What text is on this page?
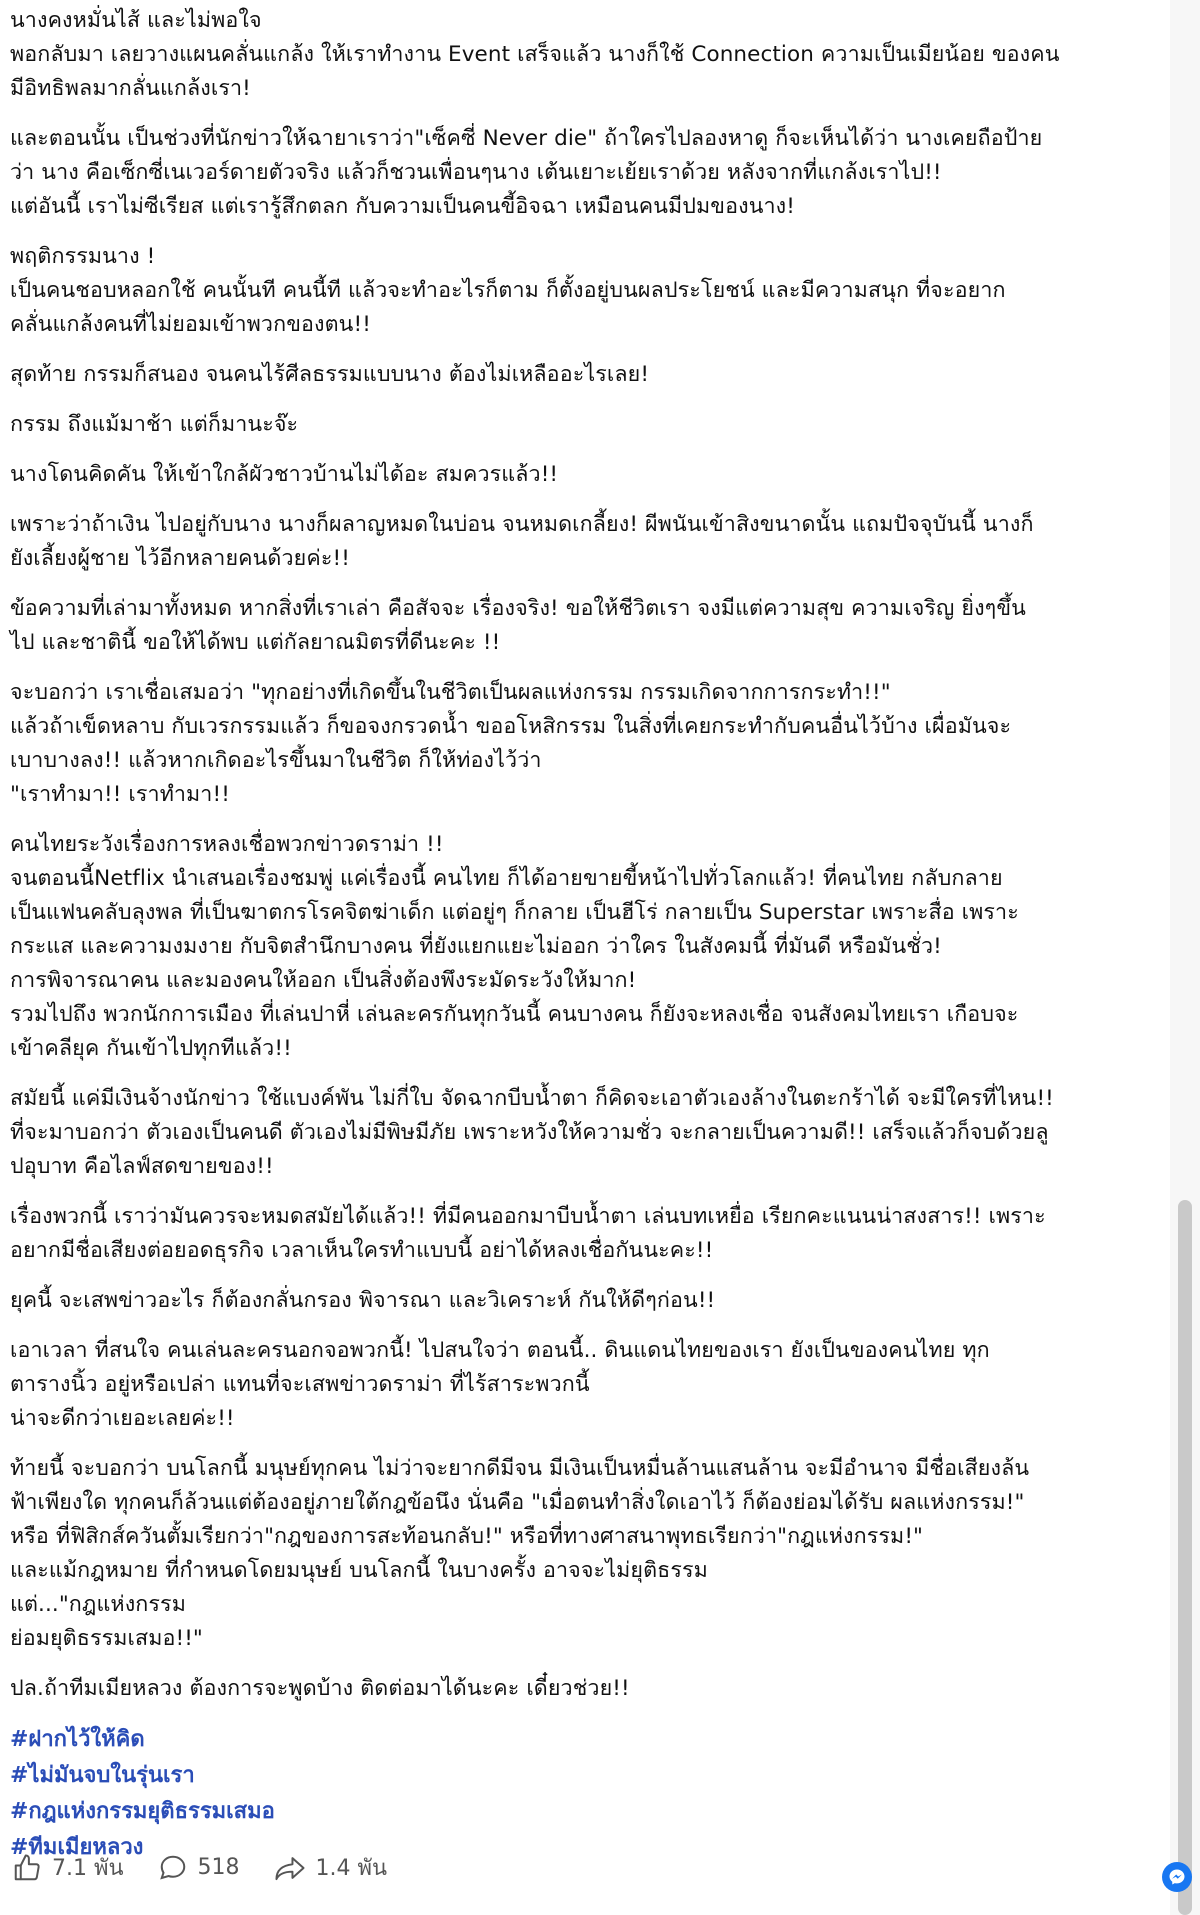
นางคงหมั่นไส้ และไม่พอใจ
พอกลับมา เลยวางแผนคลั่นแกล้ง ให้เราทำงาน Event เสร็จแล้ว นางก็ใช้ Connection ความเป็นเมียน้อย ของคน
มีอิทธิพลมากลั่นแกล้งเรา!
และตอนนั้น เป็นช่วงที่นักข่าวให้ฉายาเราว่า"เซ็คซี่ Never die" ถ้าใครไปลองหาดู ก็จะเห็นได้ว่า นางเคยถือป้าย
ว่า นาง คือเซ็กซี่เนเวอร์ดายตัวจริง แล้วก็ชวนเพื่อนๆนาง เต้นเยาะเย้ยเราด้วย หลังจากที่แกล้งเราไป!!
แต่อันนี้ เราไม่ซีเรียส แต่เรารู้สึกตลก กับความเป็นคนขี้อิจฉา เหมือนคนมีปมของนาง!
พฤติกรรมนาง !
เป็นคนชอบหลอกใช้ คนนั้นที คนนี้ที แล้วจะทำอะไรก็ตาม ก็ตั้งอยู่บนผลประโยชน์ และมีความสนุก ที่จะอยาก
คลั่นแกล้งคนที่ไม่ยอมเข้าพวกของตน!!
สุดท้าย กรรมก็สนอง จนคนไร้ศีลธรรมแบบนาง ต้องไม่เหลืออะไรเลย!
กรรม ถึงแม้มาช้า แต่ก็มานะจ๊ะ
นางโดนคิดคัน ให้เข้าใกล้ผัวชาวบ้านไม่ได้อะ สมควรแล้ว!!
เพราะว่าถ้าเงิน ไปอยู่กับนาง นางก็ผลาญหมดในบ่อน จนหมดเกลี้ยง! ผีพนันเข้าสิงขนาดนั้น แถมปัจจุบันนี้ นางก็
ยังเลี้ยงผู้ชาย ไว้อีกหลายคนด้วยค่ะ!!
ข้อความที่เล่ามาทั้งหมด หากสิ่งที่เราเล่า คือสัจจะ เรื่องจริง! ขอให้ชีวิตเรา จงมีแต่ความสุข ความเจริญ ยิ่งๆขึ้น
ไป และชาตินี้ ขอให้ได้พบ แต่กัลยาณมิตรที่ดีนะคะ !!
จะบอกว่า เราเชื่อเสมอว่า "ทุกอย่างที่เกิดขึ้นในชีวิตเป็นผลแห่งกรรม กรรมเกิดจากการกระทำ!!"
แล้วถ้าเข็ดหลาบ กับเวรกรรมแล้ว ก็ขอจงกรวดน้ำ ขออโหสิกรรม ในสิ่งที่เคยกระทำกับคนอื่นไว้บ้าง เผื่อมันจะ
เบาบางลง!! แล้วหากเกิดอะไรขึ้นมาในชีวิต ก็ให้ท่องไว้ว่า
"เราทำมา!! เราทำมา!!
คนไทยระวังเรื่องการหลงเชื่อพวกข่าวดราม่า !!
จนตอนนี้Netflix นำเสนอเรื่องชมพู่ แค่เรื่องนี้ คนไทย ก็ได้อายขายขี้หน้าไปทั่วโลกแล้ว! ที่คนไทย กลับกลาย
เป็นแฟนคลับลุงพล ที่เป็นฆาตกรโรคจิตฆ่าเด็ก แต่อยู่ๆ ก็กลาย เป็นฮีโร่ กลายเป็น Superstar เพราะสื่อ เพราะ
กระแส และความงมงาย กับจิตสำนึกบางคน ที่ยังแยกแยะไม่ออก ว่าใคร ในสังคมนี้ ที่มันดี หรือมันชั่ว!
การพิจารณาคน และมองคนให้ออก เป็นสิ่งต้องพึงระมัดระวังให้มาก!
รวมไปถึง พวกนักการเมือง ที่เล่นปาหี่ เล่นละครกันทุกวันนี้ คนบางคน ก็ยังจะหลงเชื่อ จนสังคมไทยเรา เกือบจะ
เข้าคลียุค กันเข้าไปทุกทีแล้ว!!
สมัยนี้ แค่มีเงินจ้างนักข่าว ใช้แบงค์พัน ไม่กี่ใบ จัดฉากบีบน้ำตา ก็คิดจะเอาตัวเองล้างในตะกร้าได้ จะมีใครที่ไหน!!
ที่จะมาบอกว่า ตัวเองเป็นคนดี ตัวเองไม่มีพิษมีภัย เพราะหวังให้ความชั่ว จะกลายเป็นความดี!! เสร็จแล้วก็จบด้วยลู
ปอุบาท คือไลฟ์สดขายของ!!
เรื่องพวกนี้ เราว่ามันควรจะหมดสมัยได้แล้ว!! ที่มีคนออกมาบีบน้ำตา เล่นบทเหยื่อ เรียกคะแนนน่าสงสาร!! เพราะ
อยากมีชื่อเสียงต่อยอดธุรกิจ เวลาเห็นใครทำแบบนี้ อย่าได้หลงเชื่อกันนะคะ!!
ยุคนี้ จะเสพข่าวอะไร ก็ต้องกลั่นกรอง พิจารณา และวิเคราะห์ กันให้ดีๆก่อน!!
เอาเวลา ที่สนใจ คนเล่นละครนอกจอพวกนี้! ไปสนใจว่า ตอนนี้.. ดินแดนไทยของเรา ยังเป็นของคนไทย ทุก
ตารางนิ้ว อยู่หรือเปล่า แทนที่จะเสพข่าวดราม่า ที่ไร้สาระพวกนี้
น่าจะดีกว่าเยอะเลยค่ะ!!
ท้ายนี้ จะบอกว่า บนโลกนี้ มนุษย์ทุกคน ไม่ว่าจะยากดีมีจน มีเงินเป็นหมื่นล้านแสนล้าน จะมีอำนาจ มีชื่อเสียงล้น
ฟ้าเพียงใด ทุกคนก็ล้วนแต่ต้องอยู่ภายใต้กฎข้อนึง นั่นคือ "เมื่อตนทำสิ่งใดเอาไว้ ก็ต้องย่อมได้รับ ผลแห่งกรรม!"
หรือ ที่ฟิสิกส์ควันตั้มเรียกว่า"กฎของการสะท้อนกลับ!" หรือที่ทางศาสนาพุทธเรียกว่า"กฎแห่งกรรม!"
และแม้กฎหมาย ที่กำหนดโดยมนุษย์ บนโลกนี้ ในบางครั้ง อาจจะไม่ยุติธรรม
แต่..."กฎแห่งกรรม
ย่อมยุติธรรมเสมอ!!"
ปล.ถ้าทีมเมียหลวง ต้องการจะพูดบ้าง ติดต่อมาได้นะคะ เดี๋ยวช่วย!!
#ฝากไว้ให้คิด
#ไม่มันจบในรุ่นเรา
#กฎแห่งกรรมยุติธรรมเสมอ
#ทีมเมียหลวง
7.1 พัน	518	1.4 พัน
